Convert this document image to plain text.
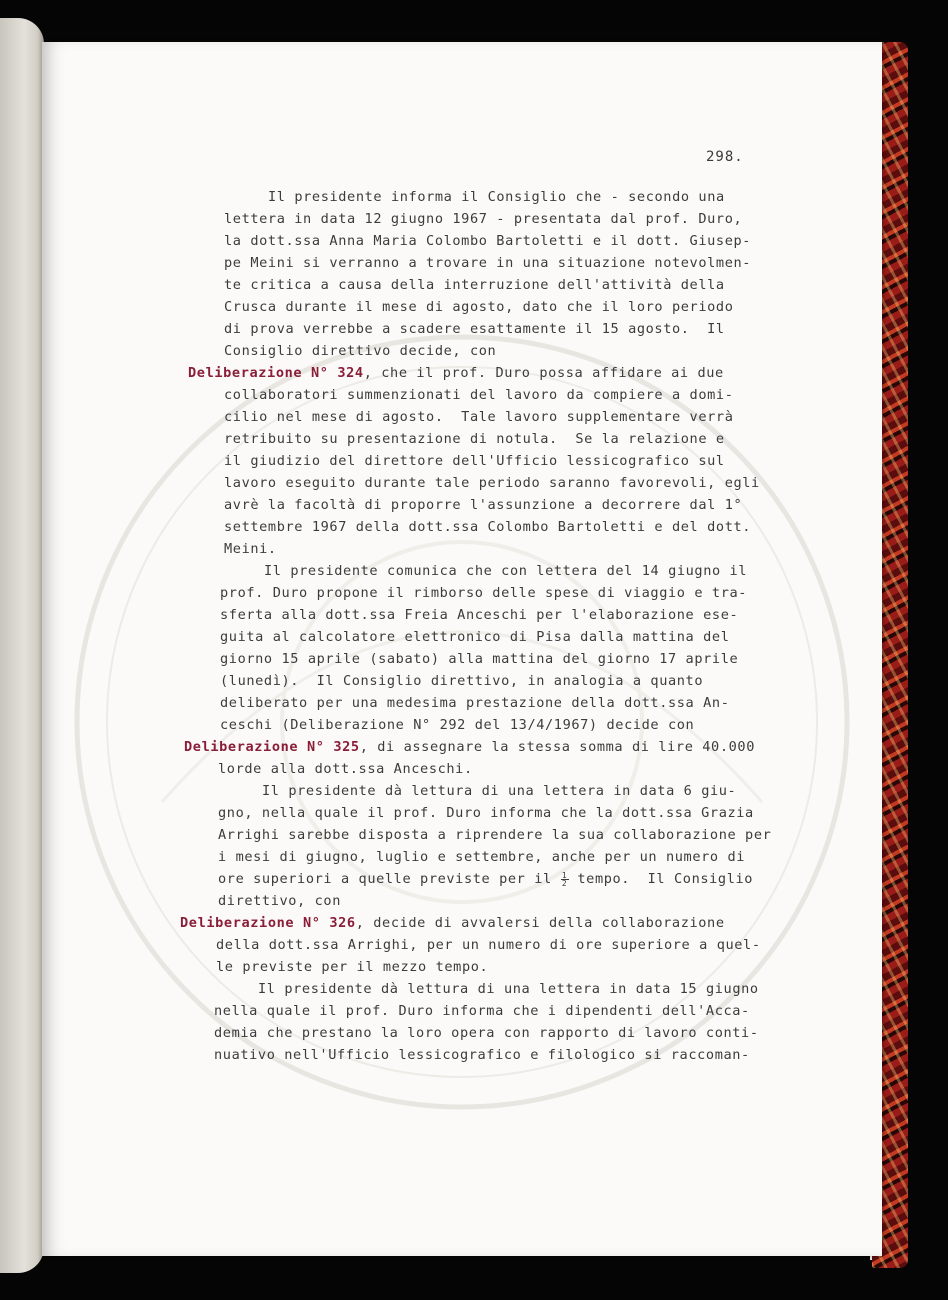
298.
Il presidente informa il Consiglio che - secondo una
lettera in data 12 giugno 1967 - presentata dal prof. Duro,
la dott.ssa Anna Maria Colombo Bartoletti e il dott. Giusep-
pe Meini si verranno a trovare in una situazione notevolmen-
te critica a causa della interruzione dell'attività della
Crusca durante il mese di agosto, dato che il loro periodo
di prova verrebbe a scadere esattamente il 15 agosto.  Il
Consiglio direttivo decide, con
Deliberazione N° 324, che il prof. Duro possa affidare ai due
collaboratori summenzionati del lavoro da compiere a domi-
cilio nel mese di agosto.  Tale lavoro supplementare verrà
retribuito su presentazione di notula.  Se la relazione e
il giudizio del direttore dell'Ufficio lessicografico sul
lavoro eseguito durante tale periodo saranno favorevoli, egli
avrè la facoltà di proporre l'assunzione a decorrere dal 1°
settembre 1967 della dott.ssa Colombo Bartoletti e del dott.
Meini.
Il presidente comunica che con lettera del 14 giugno il
prof. Duro propone il rimborso delle spese di viaggio e tra-
sferta alla dott.ssa Freia Anceschi per l'elaborazione ese-
guita al calcolatore elettronico di Pisa dalla mattina del
giorno 15 aprile (sabato) alla mattina del giorno 17 aprile
(lunedì).  Il Consiglio direttivo, in analogia a quanto
deliberato per una medesima prestazione della dott.ssa An-
ceschi (Deliberazione N° 292 del 13/4/1967) decide con
Deliberazione N° 325, di assegnare la stessa somma di lire 40.000
lorde alla dott.ssa Anceschi.
Il presidente dà lettura di una lettera in data 6 giu-
gno, nella quale il prof. Duro informa che la dott.ssa Grazia
Arrighi sarebbe disposta a riprendere la sua collaborazione per
i mesi di giugno, luglio e settembre, anche per un numero di
ore superiori a quelle previste per il $\frac{1}{2}$ tempo.  Il Consiglio
direttivo, con
Deliberazione N° 326, decide di avvalersi della collaborazione
della dott.ssa Arrighi, per un numero di ore superiore a quel-
le previste per il mezzo tempo.
Il presidente dà lettura di una lettera in data 15 giugno
nella quale il prof. Duro informa che i dipendenti dell'Acca-
demia che prestano la loro opera con rapporto di lavoro conti-
nuativo nell'Ufficio lessicografico e filologico si raccoman-
